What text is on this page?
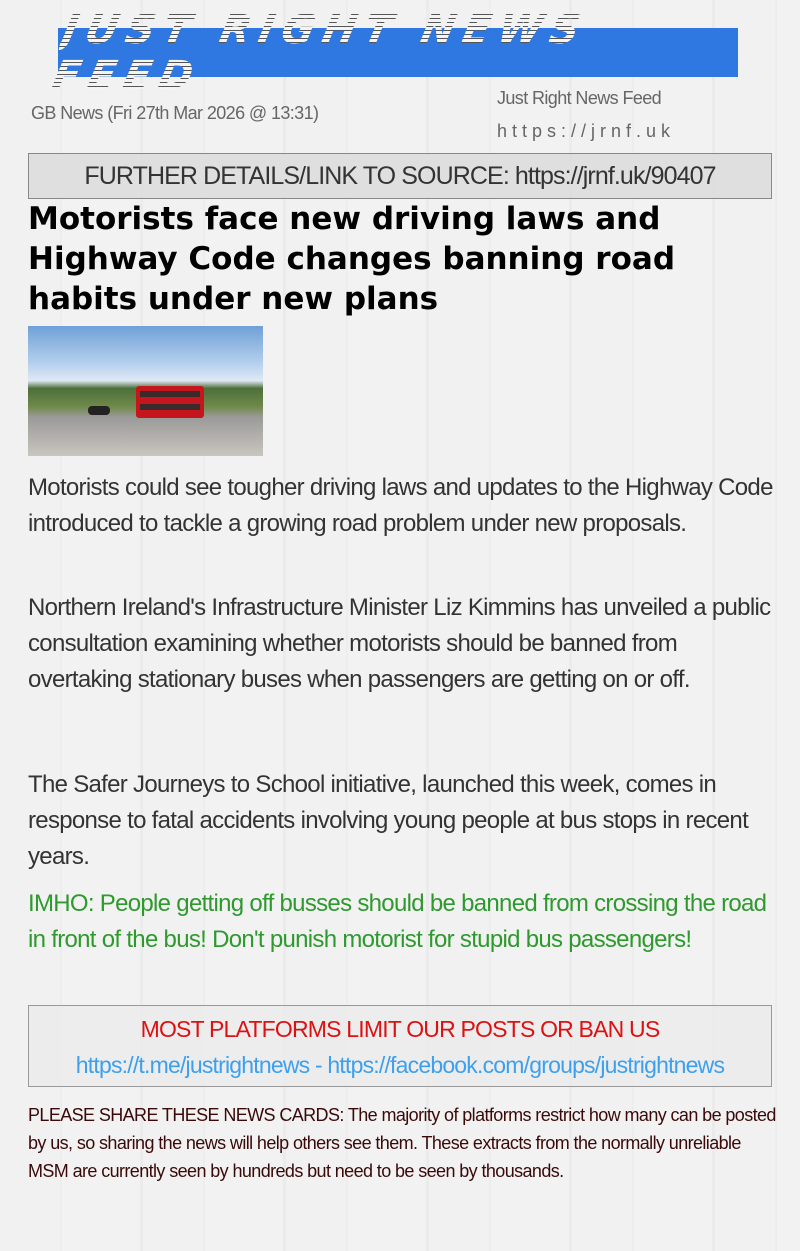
JUST RIGHT NEWS FEED
GB News (Fri 27th Mar 2026 @ 13:31)
Just Right News Feed
https://jrnf.uk
FURTHER DETAILS/LINK TO SOURCE: https://jrnf.uk/90407
Motorists face new driving laws and Highway Code changes banning road habits under new plans

Motorists could see tougher driving laws and updates to the Highway Code introduced to tackle a growing road problem under new proposals.

Northern Ireland's Infrastructure Minister Liz Kimmins has unveiled a public consultation examining whether motorists should be banned from overtaking stationary buses when passengers are getting on or off.

The Safer Journeys to School initiative, launched this week, comes in response to fatal accidents involving young people at bus stops in recent years.

IMHO: People getting off busses should be banned from crossing the road in front of the bus! Don't punish motorist for stupid bus passengers!

MOST PLATFORMS LIMIT OUR POSTS OR BAN US
https://t.me/justrightnews - https://facebook.com/groups/justrightnews

PLEASE SHARE THESE NEWS CARDS: The majority of platforms restrict how many can be posted by us, so sharing the news will help others see them. These extracts from the normally unreliable MSM are currently seen by hundreds but need to be seen by thousands.
